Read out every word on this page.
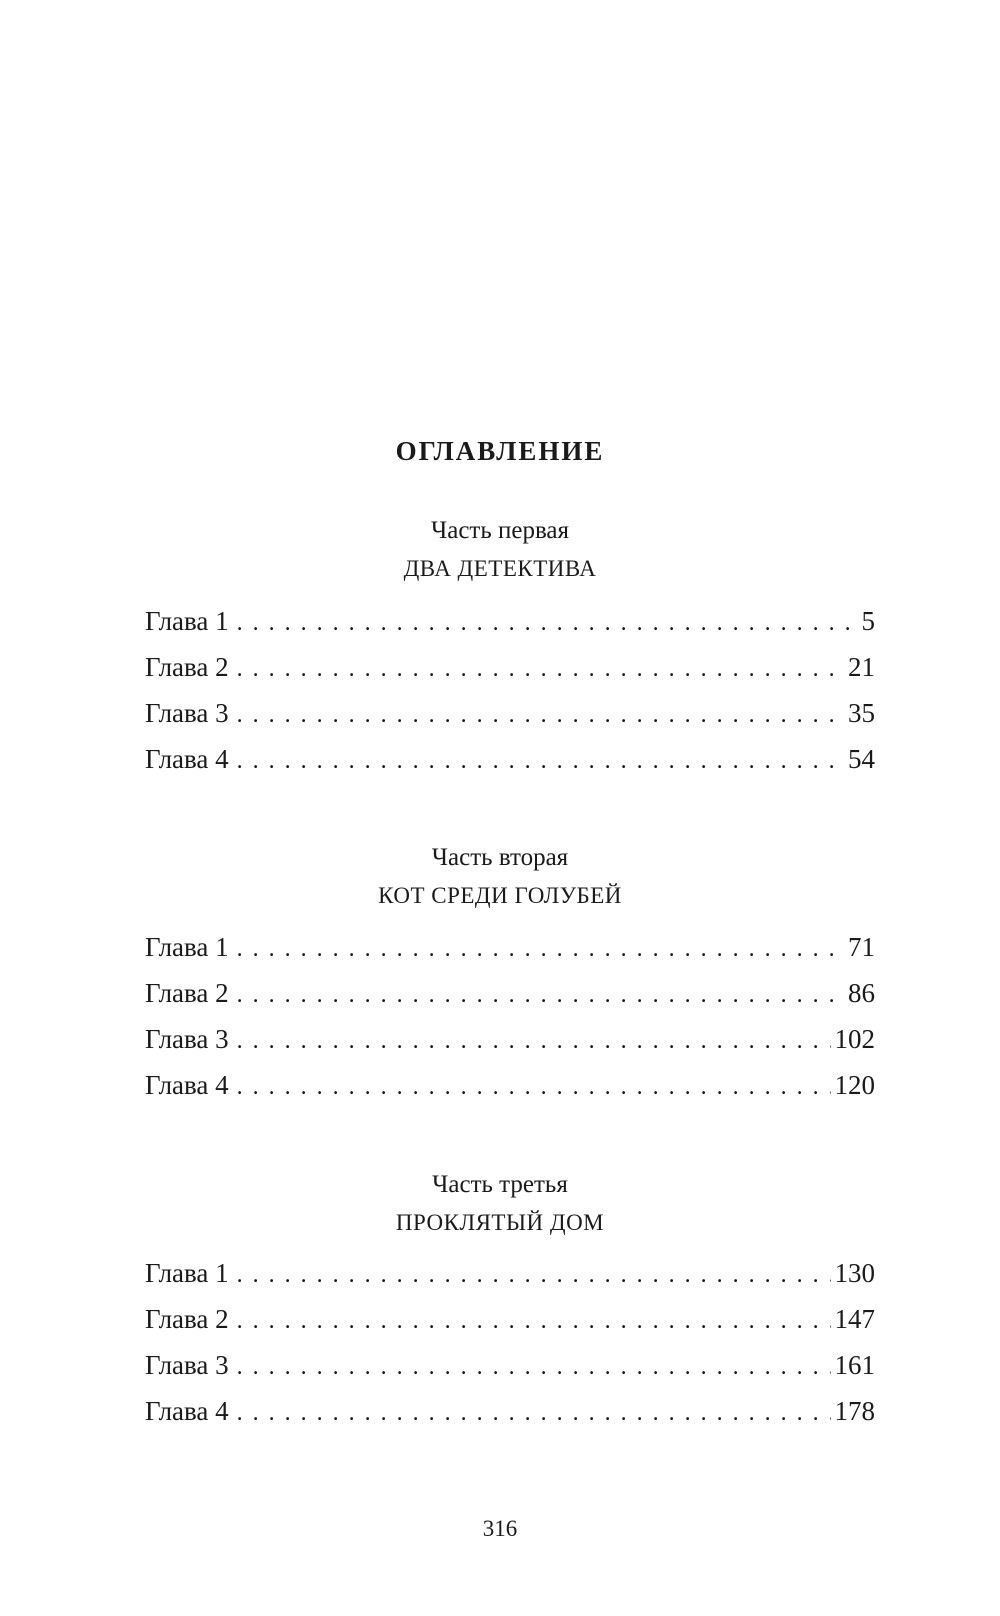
ОГЛАВЛЕНИЕ
Часть первая
ДВА ДЕТЕКТИВА
Глава 1 . . .	5
Глава 2 . . .	21
Глава 3 . . .	35
Глава 4 . . .	54
Часть вторая
КОТ СРЕДИ ГОЛУБЕЙ
Глава 1 . . .	71
Глава 2 . . .	86
Глава 3 . . .	102
Глава 4 . . .	120
Часть третья
ПРОКЛЯТЫЙ ДОМ
Глава 1 . . .	130
Глава 2 . . .	147
Глава 3 . . .	161
Глава 4 . . .	178
316
